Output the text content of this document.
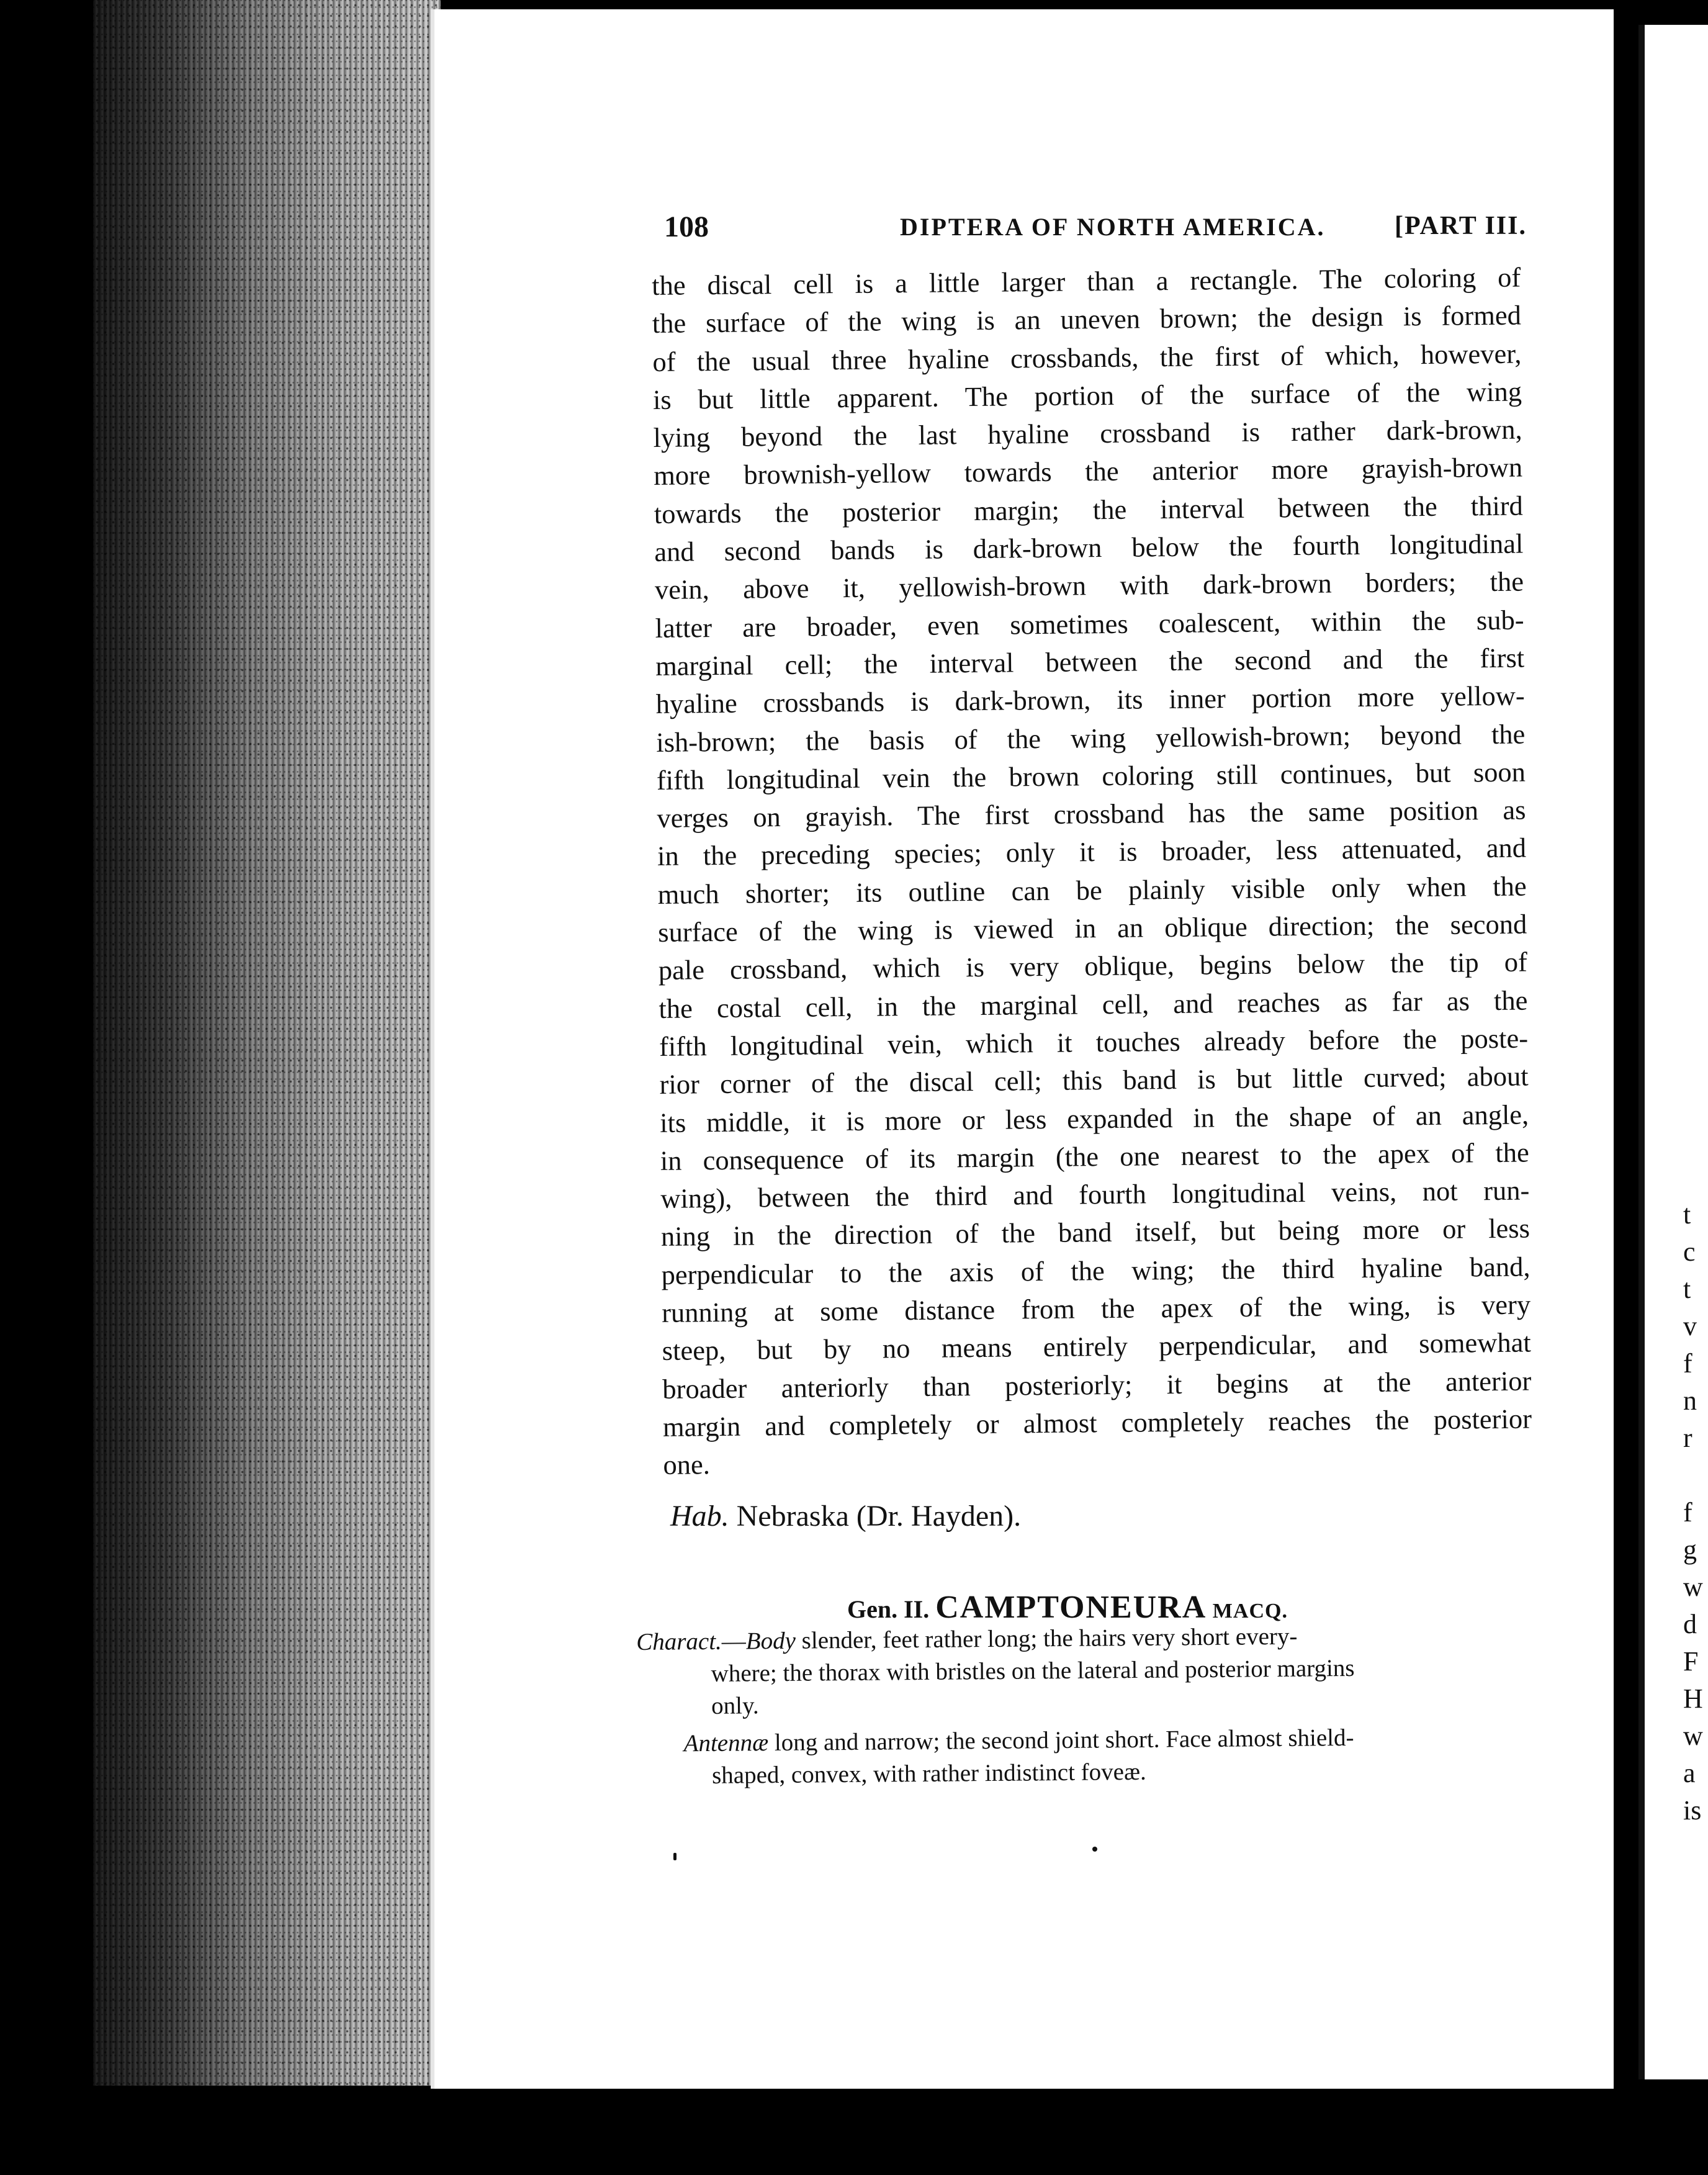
t
c
t
v
f
n
r
f
g
w
d
F
H
w
a
is
108	DIPTERA OF NORTH AMERICA.	[PART III.
the discal cell is a little larger than a rectangle. The coloring of
the surface of the wing is an uneven brown; the design is formed
of the usual three hyaline crossbands, the first of which, however,
is but little apparent. The portion of the surface of the wing
lying beyond the last hyaline crossband is rather dark-brown,
more brownish-yellow towards the anterior more grayish-brown
towards the posterior margin; the interval between the third
and second bands is dark-brown below the fourth longitudinal
vein, above it, yellowish-brown with dark-brown borders; the
latter are broader, even sometimes coalescent, within the sub-
marginal cell; the interval between the second and the first
hyaline crossbands is dark-brown, its inner portion more yellow-
ish-brown; the basis of the wing yellowish-brown; beyond the
fifth longitudinal vein the brown coloring still continues, but soon
verges on grayish. The first crossband has the same position as
in the preceding species; only it is broader, less attenuated, and
much shorter; its outline can be plainly visible only when the
surface of the wing is viewed in an oblique direction; the second
pale crossband, which is very oblique, begins below the tip of
the costal cell, in the marginal cell, and reaches as far as the
fifth longitudinal vein, which it touches already before the poste-
rior corner of the discal cell; this band is but little curved; about
its middle, it is more or less expanded in the shape of an angle,
in consequence of its margin (the one nearest to the apex of the
wing), between the third and fourth longitudinal veins, not run-
ning in the direction of the band itself, but being more or less
perpendicular to the axis of the wing; the third hyaline band,
running at some distance from the apex of the wing, is very
steep, but by no means entirely perpendicular, and somewhat
broader anteriorly than posteriorly; it begins at the anterior
margin and completely or almost completely reaches the posterior
one.
Hab. Nebraska (Dr. Hayden).
Gen. II. CAMPTONEURA MACQ.
Charact.—Body slender, feet rather long; the hairs very short every-
where; the thorax with bristles on the lateral and posterior margins
only.
Antennæ long and narrow; the second joint short. Face almost shield-
shaped, convex, with rather indistinct foveæ.
